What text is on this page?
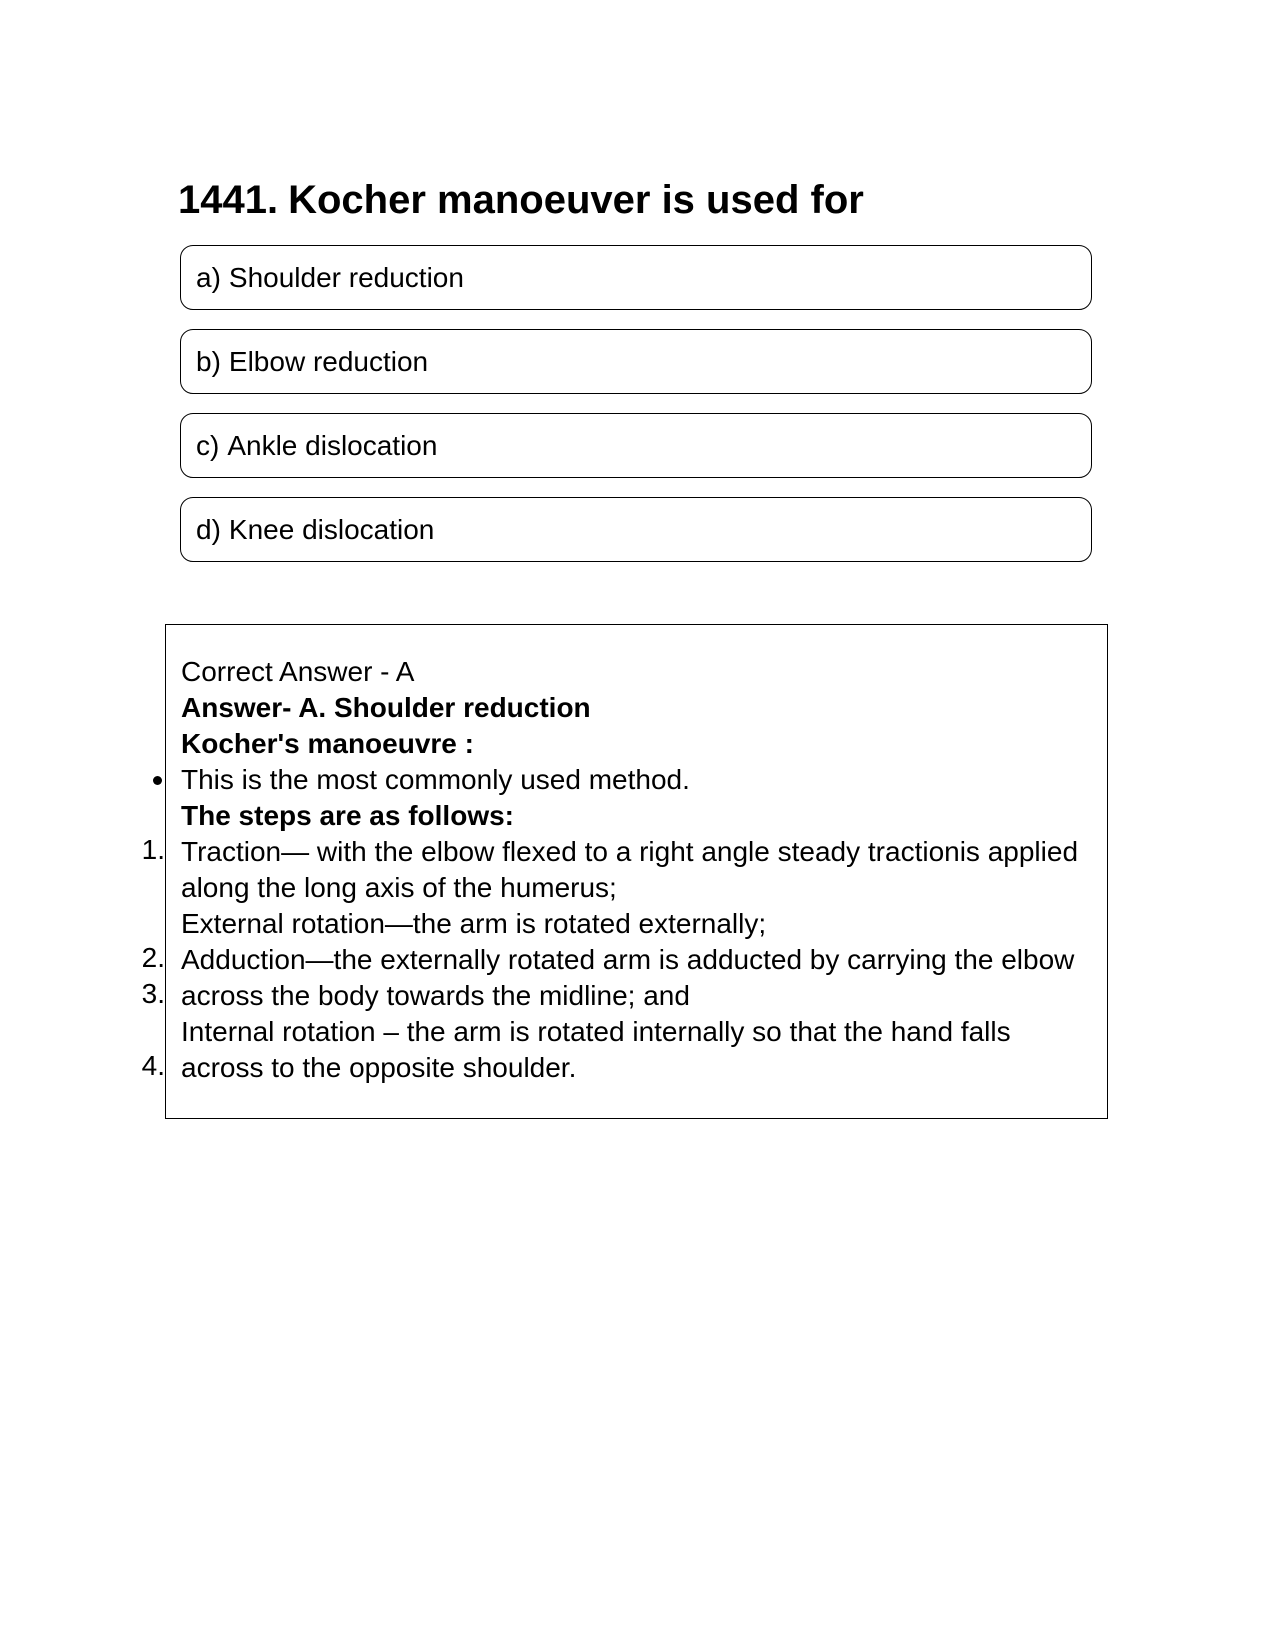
1441. Kocher manoeuver is used for
a) Shoulder reduction
b) Elbow reduction
c) Ankle dislocation
d) Knee dislocation
1.
2.
3.
4.
Correct Answer - A
Answer- A. Shoulder reduction
Kocher's manoeuvre :
This is the most commonly used method.
The steps are as follows:
Traction— with the elbow flexed to a right angle steady tractionis applied along the long axis of the humerus;
External rotation—the arm is rotated externally;
Adduction—the externally rotated arm is adducted by carrying the elbow across the body towards the midline; and
Internal rotation – the arm is rotated internally so that the hand falls across to the opposite shoulder.
